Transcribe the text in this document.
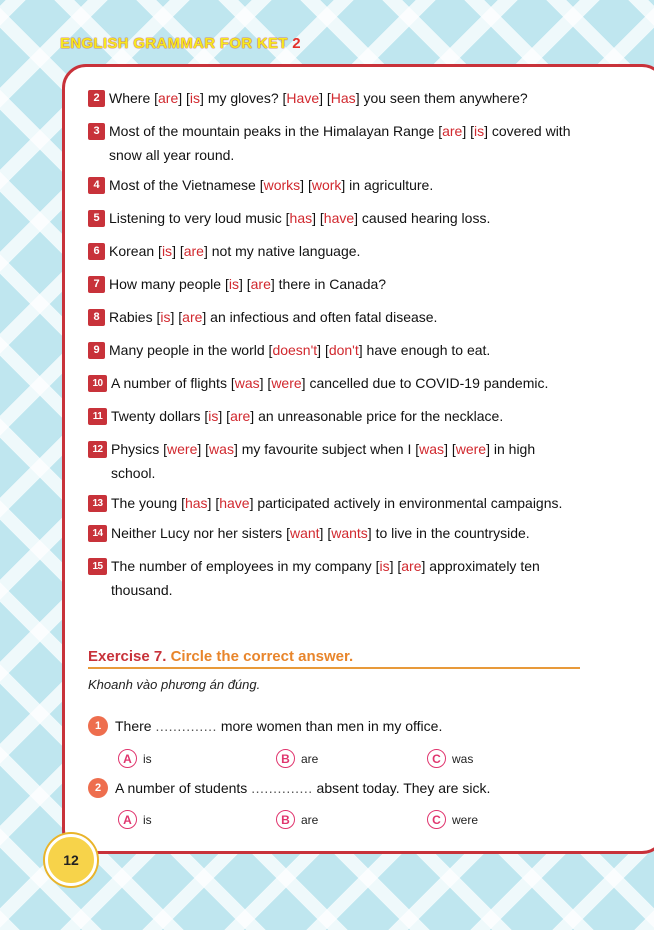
ENGLISH GRAMMAR FOR KET 2
2 Where [are] [is] my gloves? [Have] [Has] you seen them anywhere?
3 Most of the mountain peaks in the Himalayan Range [are] [is] covered with snow all year round.
4 Most of the Vietnamese [works] [work] in agriculture.
5 Listening to very loud music [has] [have] caused hearing loss.
6 Korean [is] [are] not my native language.
7 How many people [is] [are] there in Canada?
8 Rabies [is] [are] an infectious and often fatal disease.
9 Many people in the world [doesn't] [don't] have enough to eat.
10 A number of flights [was] [were] cancelled due to COVID-19 pandemic.
11 Twenty dollars [is] [are] an unreasonable price for the necklace.
12 Physics [were] [was] my favourite subject when I [was] [were] in high school.
13 The young [has] [have] participated actively in environmental campaigns.
14 Neither Lucy nor her sisters [want] [wants] to live in the countryside.
15 The number of employees in my company [is] [are] approximately ten thousand.
Exercise 7. Circle the correct answer.
Khoanh vào phương án đúng.
1 There .............. more women than men in my office.
A is	B are	C was
2 A number of students .............. absent today. They are sick.
A is	B are	C were
12
